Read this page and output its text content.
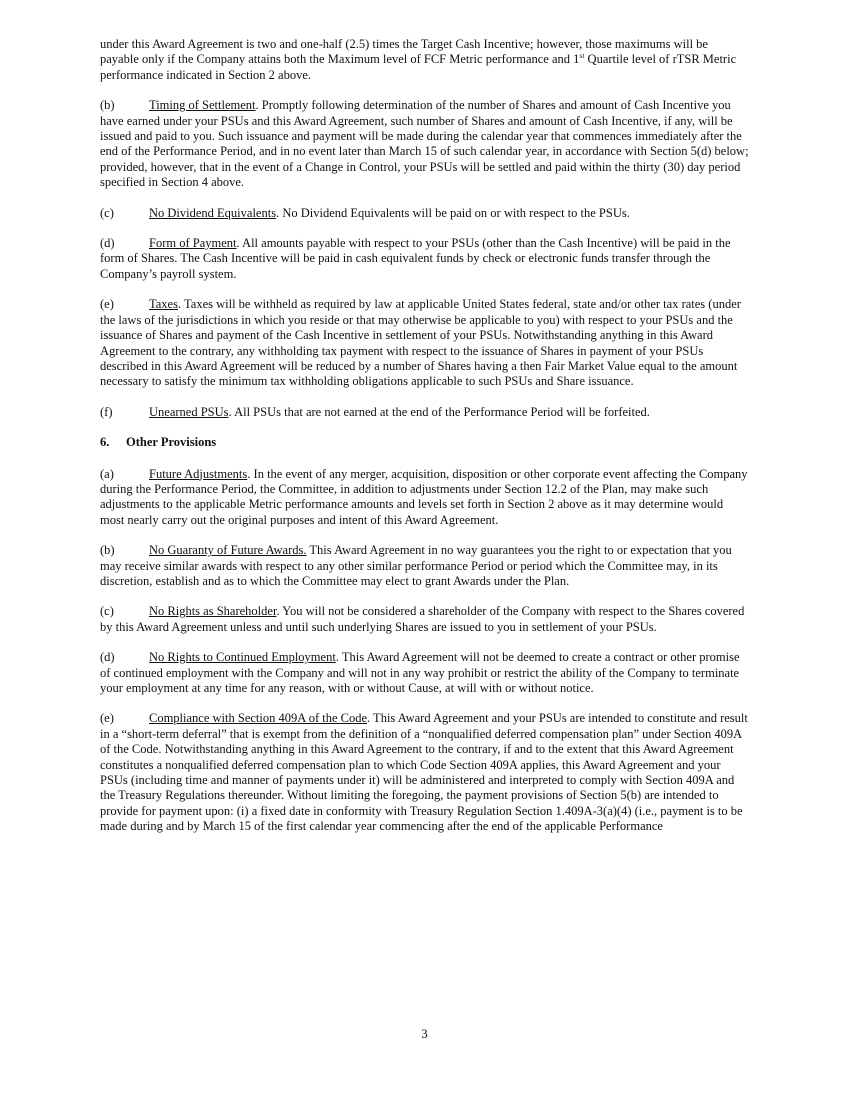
under this Award Agreement is two and one-half (2.5) times the Target Cash Incentive; however, those maximums will be payable only if the Company attains both the Maximum level of FCF Metric performance and 1st Quartile level of rTSR Metric performance indicated in Section 2 above.

(b)	Timing of Settlement. Promptly following determination of the number of Shares and amount of Cash Incentive you have earned under your PSUs and this Award Agreement, such number of Shares and amount of Cash Incentive, if any, will be issued and paid to you. Such issuance and payment will be made during the calendar year that commences immediately after the end of the Performance Period, and in no event later than March 15 of such calendar year, in accordance with Section 5(d) below; provided, however, that in the event of a Change in Control, your PSUs will be settled and paid within the thirty (30) day period specified in Section 4 above.

(c)	No Dividend Equivalents. No Dividend Equivalents will be paid on or with respect to the PSUs.

(d)	Form of Payment. All amounts payable with respect to your PSUs (other than the Cash Incentive) will be paid in the form of Shares. The Cash Incentive will be paid in cash equivalent funds by check or electronic funds transfer through the Company’s payroll system.

(e)	Taxes. Taxes will be withheld as required by law at applicable United States federal, state and/or other tax rates (under the laws of the jurisdictions in which you reside or that may otherwise be applicable to you) with respect to your PSUs and the issuance of Shares and payment of the Cash Incentive in settlement of your PSUs. Notwithstanding anything in this Award Agreement to the contrary, any withholding tax payment with respect to the issuance of Shares in payment of your PSUs described in this Award Agreement will be reduced by a number of Shares having a then Fair Market Value equal to the amount necessary to satisfy the minimum tax withholding obligations applicable to such PSUs and Share issuance.

(f)	Unearned PSUs. All PSUs that are not earned at the end of the Performance Period will be forfeited.

6. Other Provisions

(a)	Future Adjustments. In the event of any merger, acquisition, disposition or other corporate event affecting the Company during the Performance Period, the Committee, in addition to adjustments under Section 12.2 of the Plan, may make such adjustments to the applicable Metric performance amounts and levels set forth in Section 2 above as it may determine would most nearly carry out the original purposes and intent of this Award Agreement.

(b)	No Guaranty of Future Awards. This Award Agreement in no way guarantees you the right to or expectation that you may receive similar awards with respect to any other similar performance Period or period which the Committee may, in its discretion, establish and as to which the Committee may elect to grant Awards under the Plan.

(c)	No Rights as Shareholder. You will not be considered a shareholder of the Company with respect to the Shares covered by this Award Agreement unless and until such underlying Shares are issued to you in settlement of your PSUs.

(d)	No Rights to Continued Employment. This Award Agreement will not be deemed to create a contract or other promise of continued employment with the Company and will not in any way prohibit or restrict the ability of the Company to terminate your employment at any time for any reason, with or without Cause, at will with or without notice.

(e)	Compliance with Section 409A of the Code. This Award Agreement and your PSUs are intended to constitute and result in a “short-term deferral” that is exempt from the definition of a “nonqualified deferred compensation plan” under Section 409A of the Code. Notwithstanding anything in this Award Agreement to the contrary, if and to the extent that this Award Agreement constitutes a nonqualified deferred compensation plan to which Code Section 409A applies, this Award Agreement and your PSUs (including time and manner of payments under it) will be administered and interpreted to comply with Section 409A and the Treasury Regulations thereunder. Without limiting the foregoing, the payment provisions of Section 5(b) are intended to provide for payment upon: (i) a fixed date in conformity with Treasury Regulation Section 1.409A-3(a)(4) (i.e., payment is to be made during and by March 15 of the first calendar year commencing after the end of the applicable Performance

3
